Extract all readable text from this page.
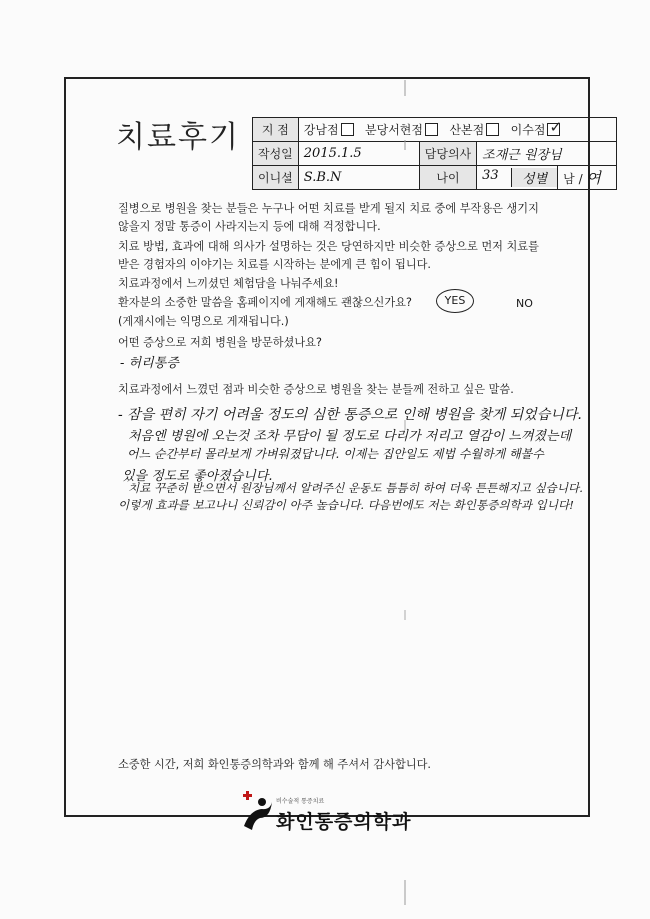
치료후기 지 점	강남점 분당서현점 산본점 이수점 ✓			

작성일	2015.1.5	담당의사	조재근 원장님	
이니셜	S.B.N	나이	33 성별	남 / 여
질병으로 병원을 찾는 분들은 누구나 어떤 치료를 받게 될지 치료 중에 부작용은 생기지
않을지 정말 통증이 사라지는지 등에 대해 걱정합니다.
치료 방법, 효과에 대해 의사가 설명하는 것은 당연하지만 비슷한 증상으로 먼저 치료를
받은 경험자의 이야기는 치료를 시작하는 분에게 큰 힘이 됩니다.
치료과정에서 느끼셨던 체험담을 나눠주세요!
환자분의 소중한 말씀을 홈페이지에 게재해도 괜찮으신가요?	YES	NO
(게재시에는 익명으로 게재됩니다.)
어떤 증상으로 저희 병원을 방문하셨나요?
- 허리통증
치료과정에서 느꼈던 점과 비슷한 증상으로 병원을 찾는 분들께 전하고 싶은 말씀.
- 잠을 편히 자기 어려울 정도의 심한 통증으로 인해 병원을 찾게 되었습니다.
처음엔 병원에 오는것 조차 무담이 될 정도로 다리가 저리고 열감이 느껴졌는데
어느 순간부터 몰라보게 가벼워졌답니다. 이제는 집안일도 제법 수월하게 해볼수
있을 정도로 좋아졌습니다.
치료 꾸준히 받으면서 원장님께서 알려주신 운동도 틈틈히 하여 더욱 튼튼해지고 싶습니다.
이렇게 효과를 보고나니 신뢰감이 아주 높습니다. 다음번에도 저는 화인통증의학과 입니다!
소중한 시간, 저희 화인통증의학과와 함께 해 주셔서 감사합니다.
비수술적 통증치료
화인통증의학과
